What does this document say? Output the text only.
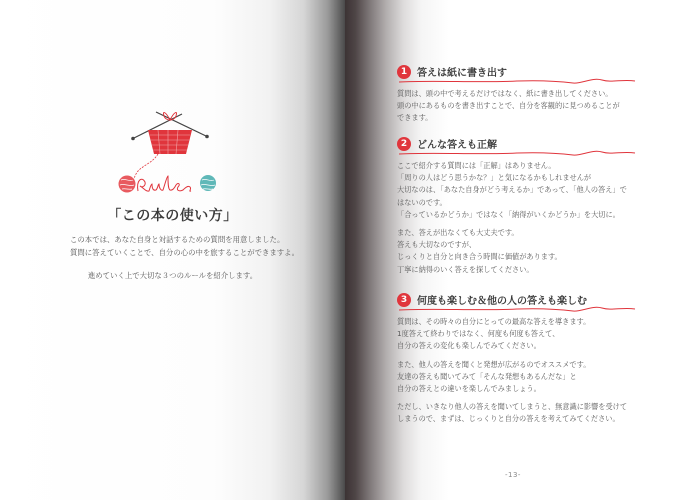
「この本の使い方」

この本では、あなた自身と対話するための質問を用意しました。

質問に答えていくことで、自分の心の中を旅することができますよ。

進めていく上で大切な３つのルールを紹介します。
1 答えは紙に書き出す

質問は、頭の中で考えるだけではなく、紙に書き出してください。
頭の中にあるものを書き出すことで、自分を客観的に見つめることが
できます。

2 どんな答えも正解

ここで紹介する質問には「正解」はありません。
「周りの人はどう思うかな？」と気になるかもしれませんが
大切なのは、「あなた自身がどう考えるか」であって、「他人の答え」で
はないのです。
「合っているかどうか」ではなく「納得がいくかどうか」を大切に。

また、答えが出なくても大丈夫です。
答えも大切なのですが、
じっくりと自分と向き合う時間に価値があります。
丁寧に納得のいく答えを探してください。

3 何度も楽しむ＆他の人の答えも楽しむ

質問は、その時々の自分にとっての最高な答えを導きます。
1度答えて終わりではなく、何度も何度も答えて、
自分の答えの変化も楽しんでみてください。

また、他人の答えを聞くと発想が広がるのでオススメです。
友達の答えも聞いてみて「そんな発想もあるんだな」と
自分の答えとの違いを楽しんでみましょう。

ただし、いきなり他人の答えを聞いてしまうと、無意識に影響を受けて
しまうので、まずは、じっくりと自分の答えを考えてみてください。

-13-
